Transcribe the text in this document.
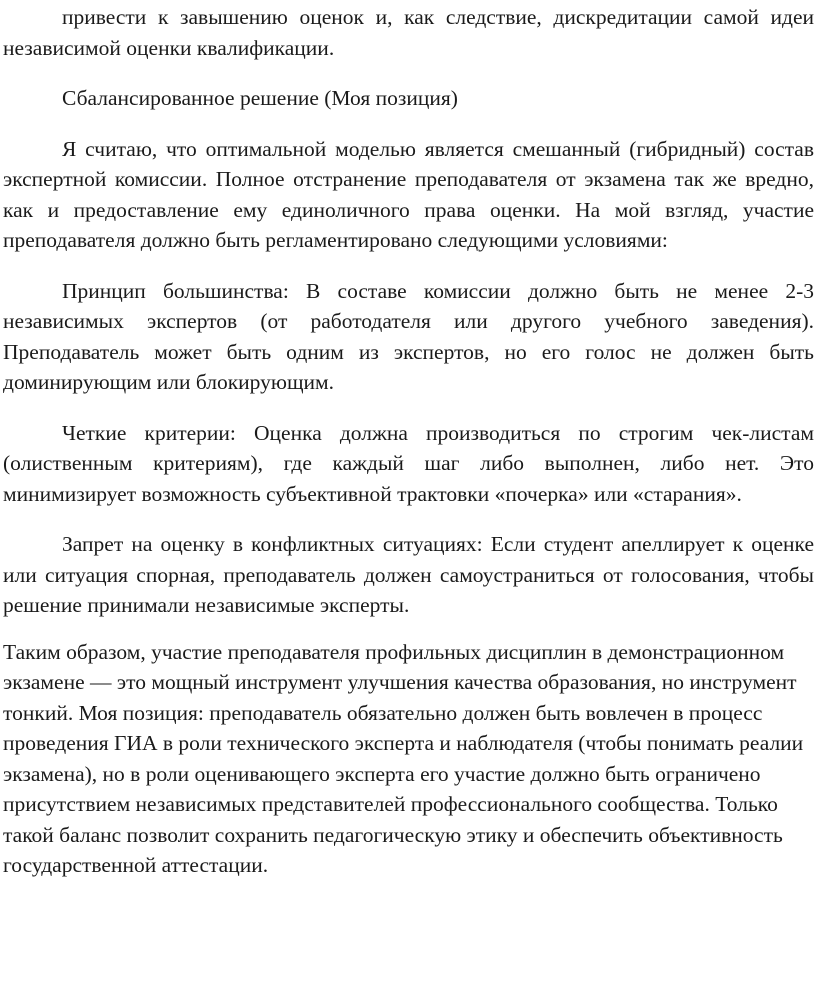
привести к завышению оценок и, как следствие, дискредитации самой идеи независимой оценки квалификации.

Сбалансированное решение (Моя позиция)

Я считаю, что оптимальной моделью является смешанный (гибридный) состав экспертной комиссии. Полное отстранение преподавателя от экзамена так же вредно, как и предоставление ему единоличного права оценки. На мой взгляд, участие преподавателя должно быть регламентировано следующими условиями:

Принцип большинства: В составе комиссии должно быть не менее 2-3 независимых экспертов (от работодателя или другого учебного заведения). Преподаватель может быть одним из экспертов, но его голос не должен быть доминирующим или блокирующим.

Четкие критерии: Оценка должна производиться по строгим чек-листам (олиственным критериям), где каждый шаг либо выполнен, либо нет. Это минимизирует возможность субъективной трактовки «почерка» или «старания».

Запрет на оценку в конфликтных ситуациях: Если студент апеллирует к оценке или ситуация спорная, преподаватель должен самоустраниться от голосования, чтобы решение принимали независимые эксперты.

Таким образом, участие преподавателя профильных дисциплин в демонстрационном экзамене — это мощный инструмент улучшения качества образования, но инструмент тонкий. Моя позиция: преподаватель обязательно должен быть вовлечен в процесс проведения ГИА в роли технического эксперта и наблюдателя (чтобы понимать реалии экзамена), но в роли оценивающего эксперта его участие должно быть ограничено присутствием независимых представителей профессионального сообщества. Только такой баланс позволит сохранить педагогическую этику и обеспечить объективность государственной аттестации.
